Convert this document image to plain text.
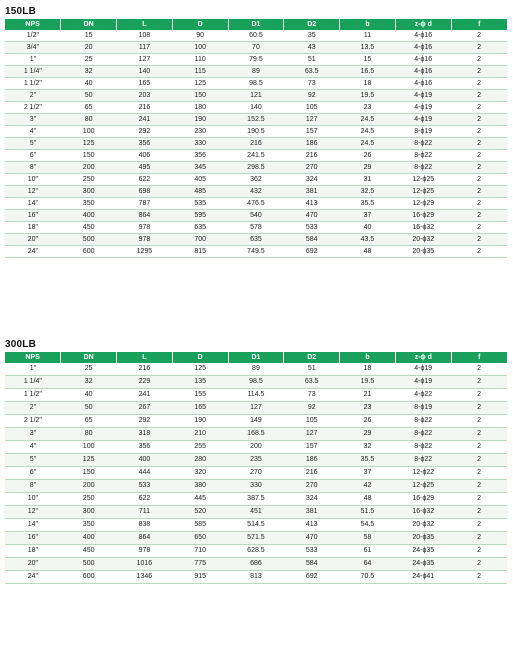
150LB
NPS	DN	L	D	D1	D2	b	z-ϕ d	f
1/2"	15	108	90	60.5	35	11	4-ϕ16	2
3/4"	20	117	100	70	43	13.5	4-ϕ16	2
1"	25	127	110	79.5	51	15	4-ϕ16	2
1 1/4"	32	140	115	89	63.5	16.5	4-ϕ16	2
1 1/2"	40	165	125	98.5	73	18	4-ϕ16	2
2"	50	203	150	121	92	19.5	4-ϕ19	2
2 1/2"	65	216	180	140	105	23	4-ϕ19	2
3"	80	241	190	152.5	127	24.5	4-ϕ19	2
4"	100	292	230	190.5	157	24.5	8-ϕ19	2
5"	125	356	330	216	186	24.5	8-ϕ22	2
6"	150	406	356	241.5	216	26	8-ϕ22	2
8"	200	495	345	298.5	270	29	8-ϕ22	2
10"	250	622	405	362	324	31	12-ϕ25	2
12"	300	698	485	432	381	32.5	12-ϕ25	2
14"	350	787	535	476.5	413	35.5	12-ϕ29	2
16"	400	864	595	540	470	37	16-ϕ29	2
18"	450	978	635	578	533	40	16-ϕ32	2
20"	500	978	700	635	584	43.5	20-ϕ32	2
24"	600	1295	815	749.5	692	48	20-ϕ35	2
300LB
NPS	DN	L	D	D1	D2	b	z-ϕ d	f
1"	25	216	125	89	51	18	4-ϕ19	2
1 1/4"	32	229	135	98.5	63.5	19.5	4-ϕ19	2
1 1/2"	40	241	155	114.5	73	21	4-ϕ22	2
2"	50	267	165	127	92	23	8-ϕ19	2
2 1/2"	65	292	190	149	105	26	8-ϕ22	2
3"	80	318	210	168.5	127	29	8-ϕ22	2
4"	100	356	255	200	157	32	8-ϕ22	2
5"	125	400	280	235	186	35.5	8-ϕ22	2
6"	150	444	320	270	216	37	12-ϕ22	2
8"	200	533	380	330	270	42	12-ϕ25	2
10"	250	622	445	387.5	324	48	16-ϕ29	2
12"	300	711	520	451	381	51.5	16-ϕ32	2
14"	350	838	585	514.5	413	54.5	20-ϕ32	2
16"	400	864	650	571.5	470	58	20-ϕ35	2
18"	450	978	710	628.5	533	61	24-ϕ35	2
20"	500	1016	775	686	584	64	24-ϕ35	2
24"	600	1346	915	813	692	70.5	24-ϕ41	2
